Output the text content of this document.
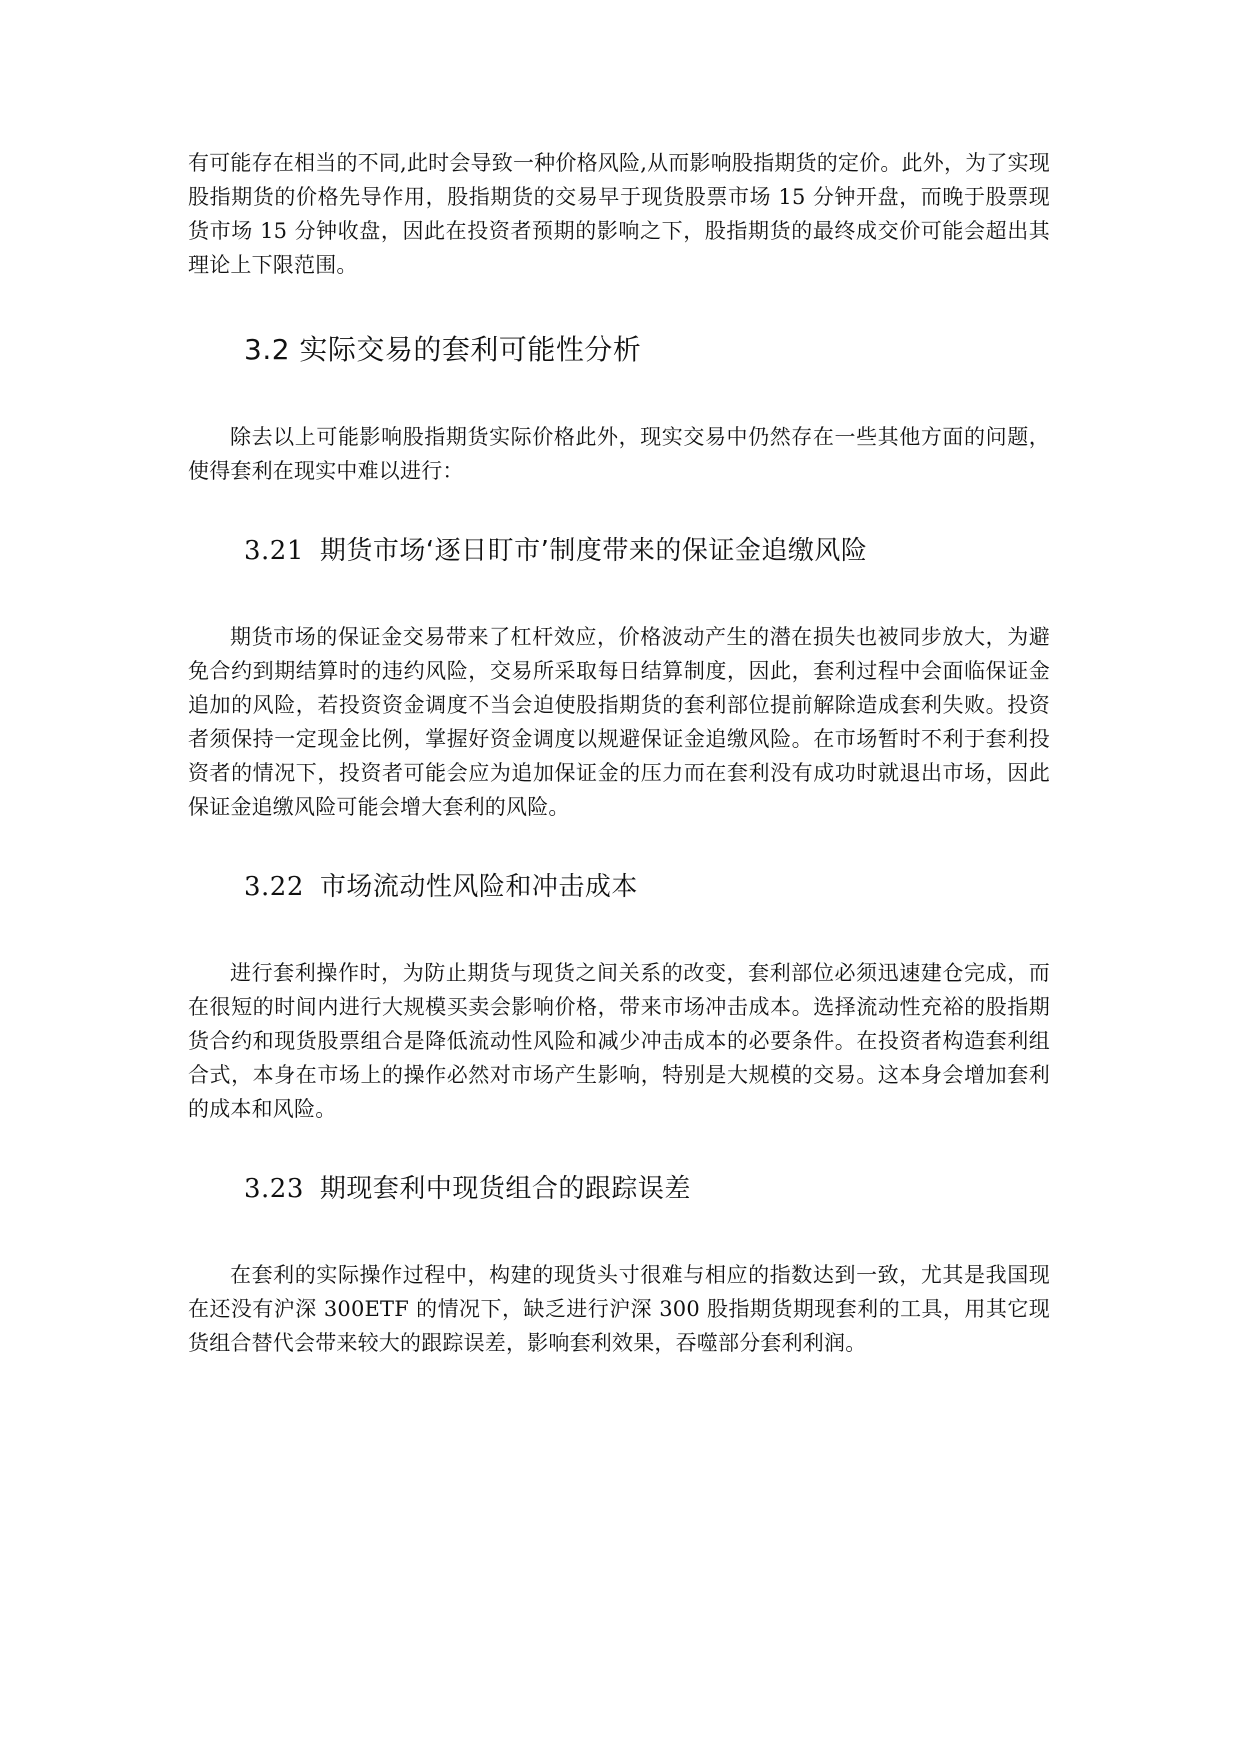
有可能存在相当的不同,此时会导致一种价格风险,从而影响股指期货的定价。此外，为了实现股指期货的价格先导作用，股指期货的交易早于现货股票市场 15 分钟开盘，而晚于股票现货市场 15 分钟收盘，因此在投资者预期的影响之下，股指期货的最终成交价可能会超出其理论上下限范围。

3.2 实际交易的套利可能性分析

除去以上可能影响股指期货实际价格此外，现实交易中仍然存在一些其他方面的问题，使得套利在现实中难以进行：

3.21 期货市场‘逐日盯市’制度带来的保证金追缴风险

期货市场的保证金交易带来了杠杆效应，价格波动产生的潜在损失也被同步放大，为避免合约到期结算时的违约风险，交易所采取每日结算制度，因此，套利过程中会面临保证金追加的风险，若投资资金调度不当会迫使股指期货的套利部位提前解除造成套利失败。投资者须保持一定现金比例，掌握好资金调度以规避保证金追缴风险。在市场暂时不利于套利投资者的情况下，投资者可能会应为追加保证金的压力而在套利没有成功时就退出市场，因此保证金追缴风险可能会增大套利的风险。

3.22 市场流动性风险和冲击成本

进行套利操作时，为防止期货与现货之间关系的改变，套利部位必须迅速建仓完成，而在很短的时间内进行大规模买卖会影响价格，带来市场冲击成本。选择流动性充裕的股指期货合约和现货股票组合是降低流动性风险和减少冲击成本的必要条件。在投资者构造套利组合式，本身在市场上的操作必然对市场产生影响，特别是大规模的交易。这本身会增加套利的成本和风险。

3.23 期现套利中现货组合的跟踪误差

在套利的实际操作过程中，构建的现货头寸很难与相应的指数达到一致，尤其是我国现在还没有沪深 300ETF 的情况下，缺乏进行沪深 300 股指期货期现套利的工具，用其它现货组合替代会带来较大的跟踪误差，影响套利效果，吞噬部分套利利润。
